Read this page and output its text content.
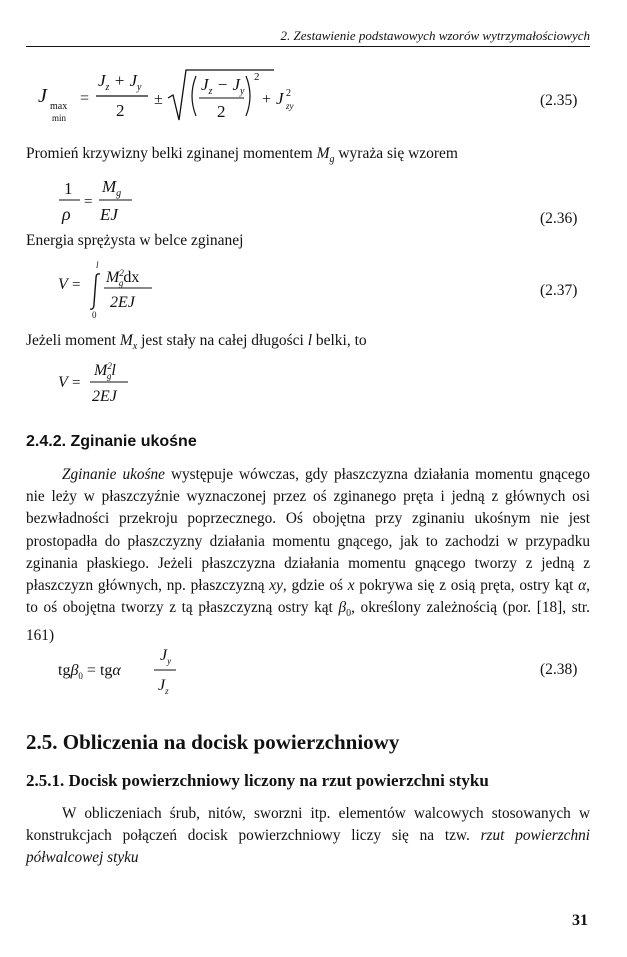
2. Zestawienie podstawowych wzorów wytrzymałościowych
J max
min
=
$J_z + J_y$
2
±
$J_z - J_y$
2
2
+ J 2
zy	(2.35)
Promień krzywizny belki zginanej momentem $M_g$ wyraża się wzorem
1
ρ
=
$M_g$
EJ	(2.36)
Energia sprężysta w belce zginanej
V =
l
0
$M^2$ gdx
2EJ
(2.37)
Jeżeli moment $M_x$ jest stały na całej długości l belki, to
V =
$M^2$ gl
2EJ
2.4.2. Zginanie ukośne
Zginanie ukośne występuje wówczas, gdy płaszczyzna działania momentu gnącego nie leży w płaszczyźnie wyznaczonej przez oś zginanego pręta i jedną z głównych osi bezwładności przekroju poprzecznego. Oś obojętna przy zginaniu ukośnym nie jest prostopadła do płaszczyzny działania momentu gnącego, jak to zachodzi w przypadku zginania płaskiego. Jeżeli płaszczyzna działania momentu gnącego tworzy z jedną z płaszczyzn głównych, np. płaszczyzną xy, gdzie oś x pokrywa się z osią pręta, ostry kąt α, to oś obojętna tworzy z tą płaszczyzną ostry kąt $\beta_0$, określony zależnością (por. [18], str. 161)
tgβ$_0$ = tgα
$J_y$
$J_z$
(2.38)
2.5. Obliczenia na docisk powierzchniowy
2.5.1. Docisk powierzchniowy liczony na rzut powierzchni styku
W obliczeniach śrub, nitów, sworzni itp. elementów walcowych stosowanych w konstrukcjach połączeń docisk powierzchniowy liczy się na tzw. rzut powierzchni półwalcowej styku
31
